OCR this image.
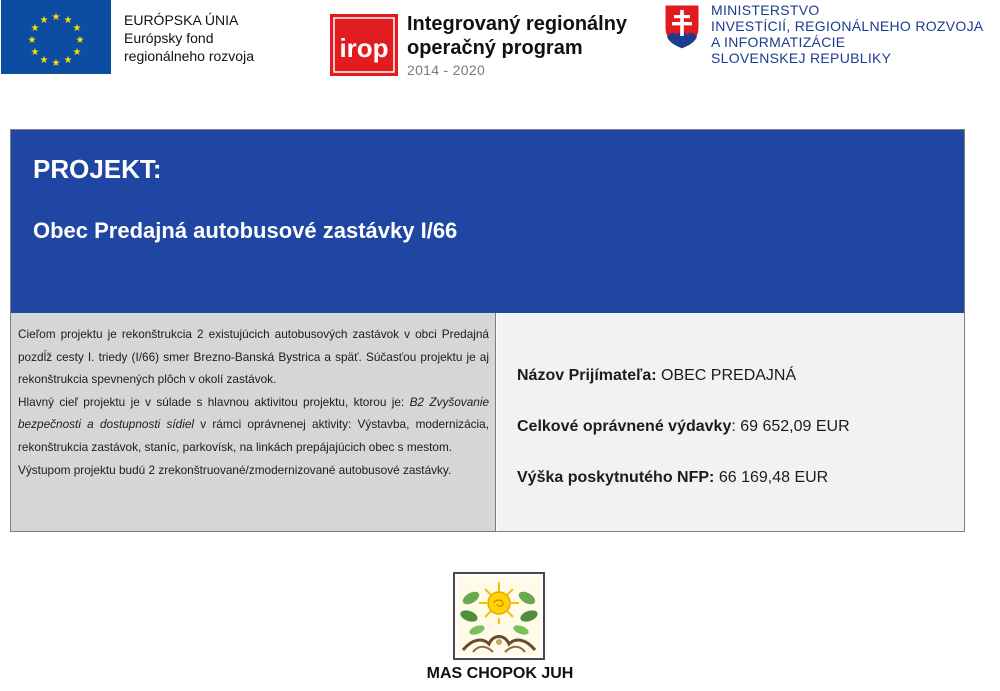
★ ★
★
★
★
★
★
★
★
★
★
★	EURÓPSKA ÚNIA
Európsky fond
regionálneho rozvoja	irop
Integrovaný regionálny
operačný program
2014 - 2020
MINISTERSTVO
INVESTÍCIÍ, REGIONÁLNEHO ROZVOJA
A INFORMATIZÁCIE
SLOVENSKEJ REPUBLIKY
PROJEKT:
Obec Predajná autobusové zastávky I/66

Cieľom projektu je rekonštrukcia 2 existujúcich autobusových zastávok v obci Predajná pozdĺž cesty I. triedy (I/66) smer Brezno-Banská Bystrica a späť. Súčasťou projektu je aj rekonštrukcia spevnených plôch v okolí zastávok.

Hlavný cieľ projektu je v súlade s hlavnou aktivitou projektu, ktorou je: B2 Zvyšovanie bezpečnosti a dostupnosti sídiel v rámci oprávnenej aktivity: Výstavba, modernizácia, rekonštrukcia zastávok, staníc, parkovísk, na linkách prepájajúcich obec s mestom.

Výstupom projektu budú 2 zrekonštruované/zmodernizované autobusové zastávky.

Názov Prijímateľa: OBEC PREDAJNÁ
Celkové oprávnené výdavky: 69 652,09 EUR
Výška poskytnutého NFP: 66 169,48 EUR
MAS CHOPOK JUH
